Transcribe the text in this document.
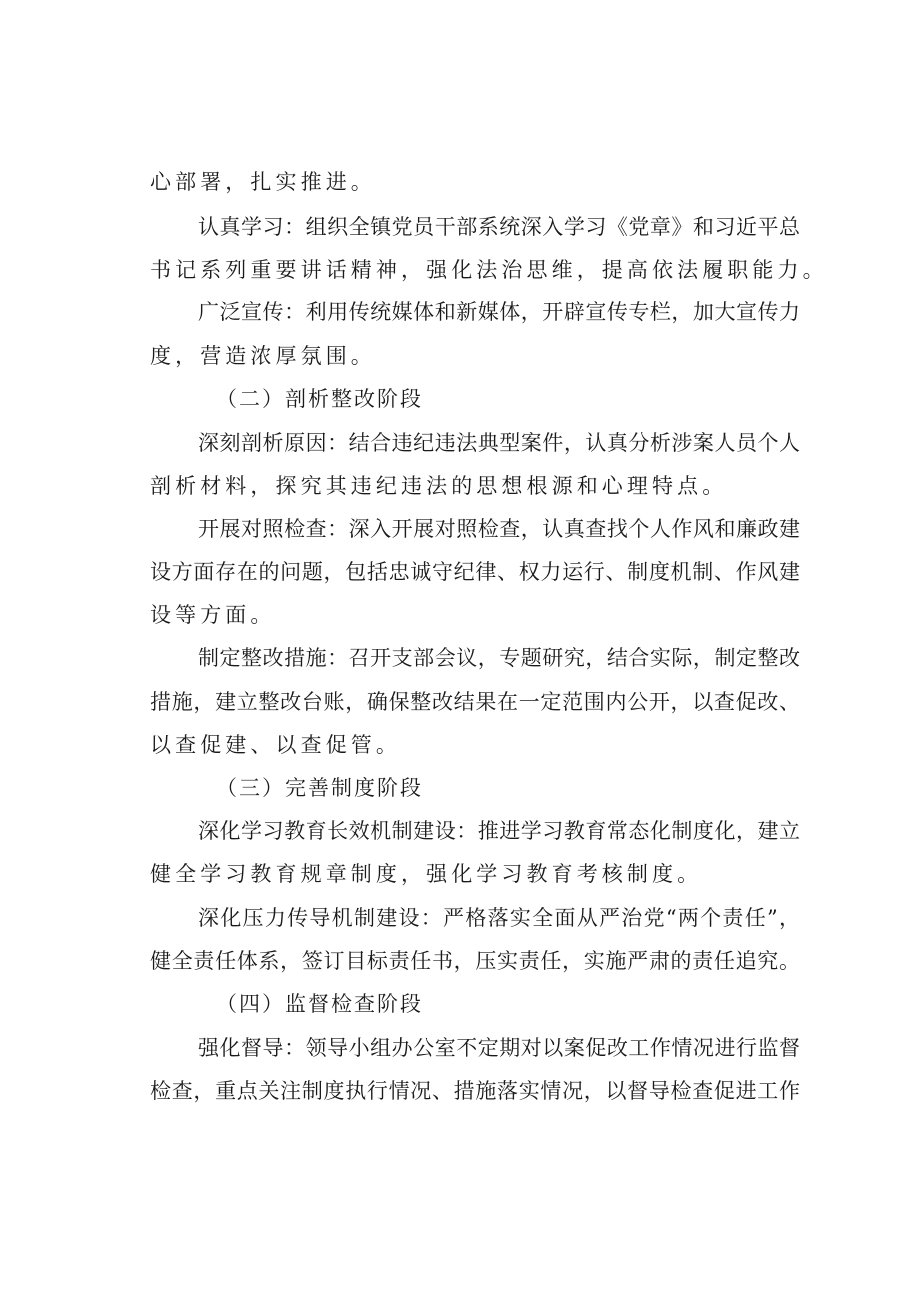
心部署，扎实推进。
认真学习：组织全镇党员干部系统深入学习《党章》和习近平总
书记系列重要讲话精神，强化法治思维，提高依法履职能力。
广泛宣传：利用传统媒体和新媒体，开辟宣传专栏，加大宣传力
度，营造浓厚氛围。
（二）剖析整改阶段
深刻剖析原因：结合违纪违法典型案件，认真分析涉案人员个人
剖析材料，探究其违纪违法的思想根源和心理特点。
开展对照检查：深入开展对照检查，认真查找个人作风和廉政建
设方面存在的问题，包括忠诚守纪律、权力运行、制度机制、作风建
设等方面。
制定整改措施：召开支部会议，专题研究，结合实际，制定整改
措施，建立整改台账，确保整改结果在一定范围内公开，以查促改、
以查促建、以查促管。
（三）完善制度阶段
深化学习教育长效机制建设：推进学习教育常态化制度化，建立
健全学习教育规章制度，强化学习教育考核制度。
深化压力传导机制建设：严格落实全面从严治党“两个责任”，
健全责任体系，签订目标责任书，压实责任，实施严肃的责任追究。
（四）监督检查阶段
强化督导：领导小组办公室不定期对以案促改工作情况进行监督
检查，重点关注制度执行情况、措施落实情况，以督导检查促进工作
